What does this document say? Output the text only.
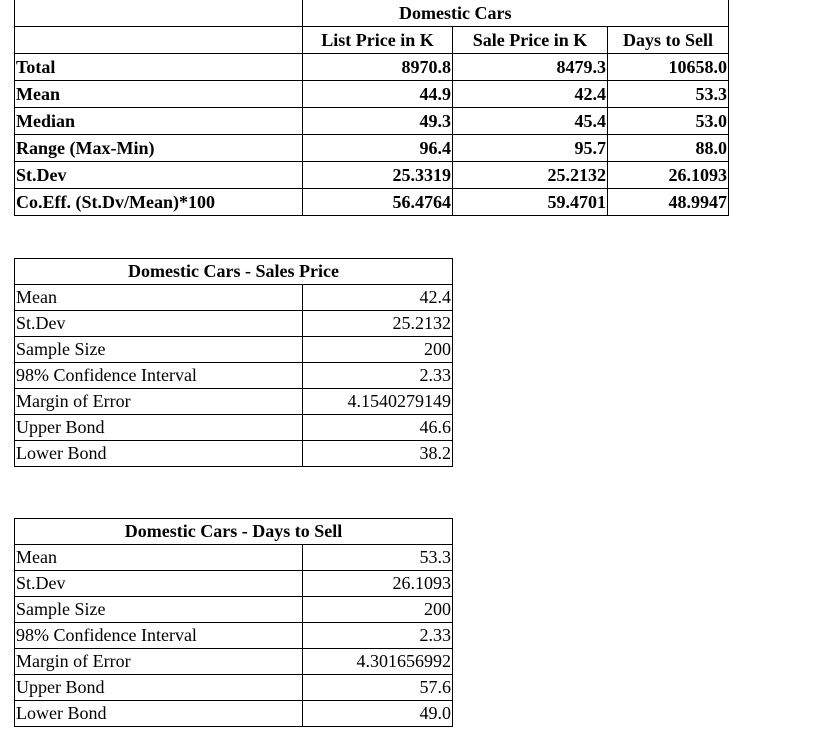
	Domestic Cars		
	List Price in K	Sale Price in K	Days to Sell
Total	8970.8	8479.3	10658.0
Mean	44.9	42.4	53.3
Median	49.3	45.4	53.0
Range (Max-Min)	96.4	95.7	88.0
St.Dev	25.3319	25.2132	26.1093
Co.Eff. (St.Dv/Mean)*100	56.4764	59.4701	48.9947
Domestic Cars - Sales Price	
Mean	42.4
St.Dev	25.2132
Sample Size	200
98% Confidence Interval	2.33
Margin of Error	4.1540279149
Upper Bond	46.6
Lower Bond	38.2
Domestic Cars - Days to Sell	
Mean	53.3
St.Dev	26.1093
Sample Size	200
98% Confidence Interval	2.33
Margin of Error	4.301656992
Upper Bond	57.6
Lower Bond	49.0
